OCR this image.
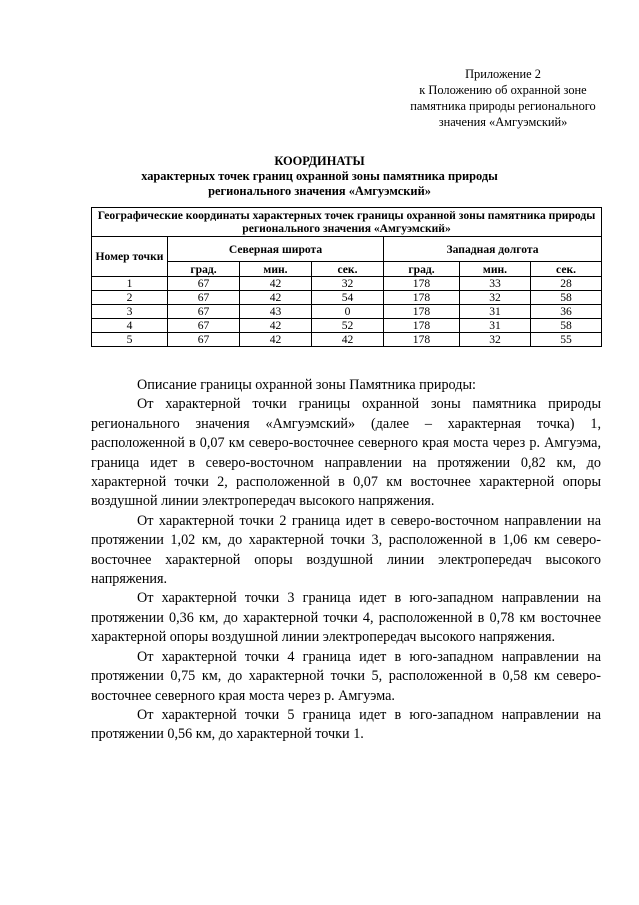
Приложение 2
к Положению об охранной зоне
памятника природы регионального
значения «Амгуэмский»
КООРДИНАТЫ
характерных точек границ охранной зоны памятника природы
регионального значения «Амгуэмский»
Географические координаты характерных точек границы охранной зоны памятника природы регионального значения «Амгуэмский»						
Номер точки	Северная широта			Западная долгота		
	град.	мин.	сек.	град.	мин.	сек.
1	67	42	32	178	33	28
2	67	42	54	178	32	58
3	67	43	0	178	31	36
4	67	42	52	178	31	58
5	67	42	42	178	32	55

Описание границы охранной зоны Памятника природы:

От характерной точки границы охранной зоны памятника природы регионального значения «Амгуэмский» (далее – характерная точка) 1, расположенной в 0,07 км северо-восточнее северного края моста через р. Амгуэма, граница идет в северо-восточном направлении на протяжении 0,82 км, до характерной точки 2, расположенной в 0,07 км восточнее характерной опоры воздушной линии электропередач высокого напряжения.

От характерной точки 2 граница идет в северо-восточном направлении на протяжении 1,02 км, до характерной точки 3, расположенной в 1,06 км северо-восточнее характерной опоры воздушной линии электропередач высокого напряжения.

От характерной точки 3 граница идет в юго-западном направлении на протяжении 0,36 км, до характерной точки 4, расположенной в 0,78 км восточнее характерной опоры воздушной линии электропередач высокого напряжения.

От характерной точки 4 граница идет в юго-западном направлении на протяжении 0,75 км, до характерной точки 5, расположенной в 0,58 км северо-восточнее северного края моста через р. Амгуэма.

От характерной точки 5 граница идет в юго-западном направлении на протяжении 0,56 км, до характерной точки 1.
